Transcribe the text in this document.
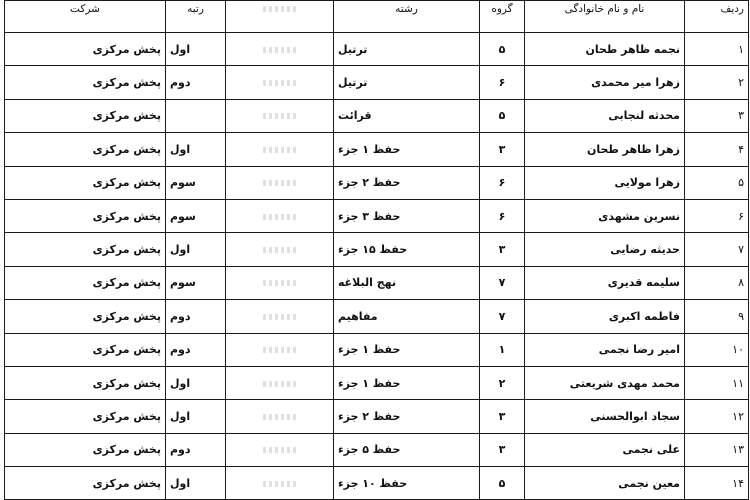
ردیف	نام و نام خانوادگی	گروه	رشته		رتبه	شرکت
۱	نجمه ظاهر طحان	۵	ترتیل		اول	پخش مرکزی
۲	زهرا میر محمدی	۶	ترتیل		دوم	پخش مرکزی
۳	محدثه لنجابی	۵	قرائت			پخش مرکزی
۴	زهرا ظاهر طحان	۳	حفظ ۱ جزء		اول	پخش مرکزی
۵	زهرا مولایی	۶	حفظ ۲ جزء		سوم	پخش مرکزی
۶	نسرین مشهدی	۶	حفظ ۳ جزء		سوم	پخش مرکزی
۷	حدیثه رضایی	۳	حفظ ۱۵ جزء		اول	پخش مرکزی
۸	سلیمه قدیری	۷	نهج البلاغه		سوم	پخش مرکزی
۹	فاطمه اکبری	۷	مفاهیم		دوم	پخش مرکزی
۱۰	امیر رضا نجمی	۱	حفظ ۱ جزء		دوم	پخش مرکزی
۱۱	محمد مهدی شریعتی	۲	حفظ ۱ جزء		اول	پخش مرکزی
۱۲	سجاد ابوالحسنی	۳	حفظ ۲ جزء		اول	پخش مرکزی
۱۳	علی نجمی	۳	حفظ ۵ جزء		دوم	پخش مرکزی
۱۴	معین نجمی	۵	حفظ ۱۰ جزء		اول	پخش مرکزی
